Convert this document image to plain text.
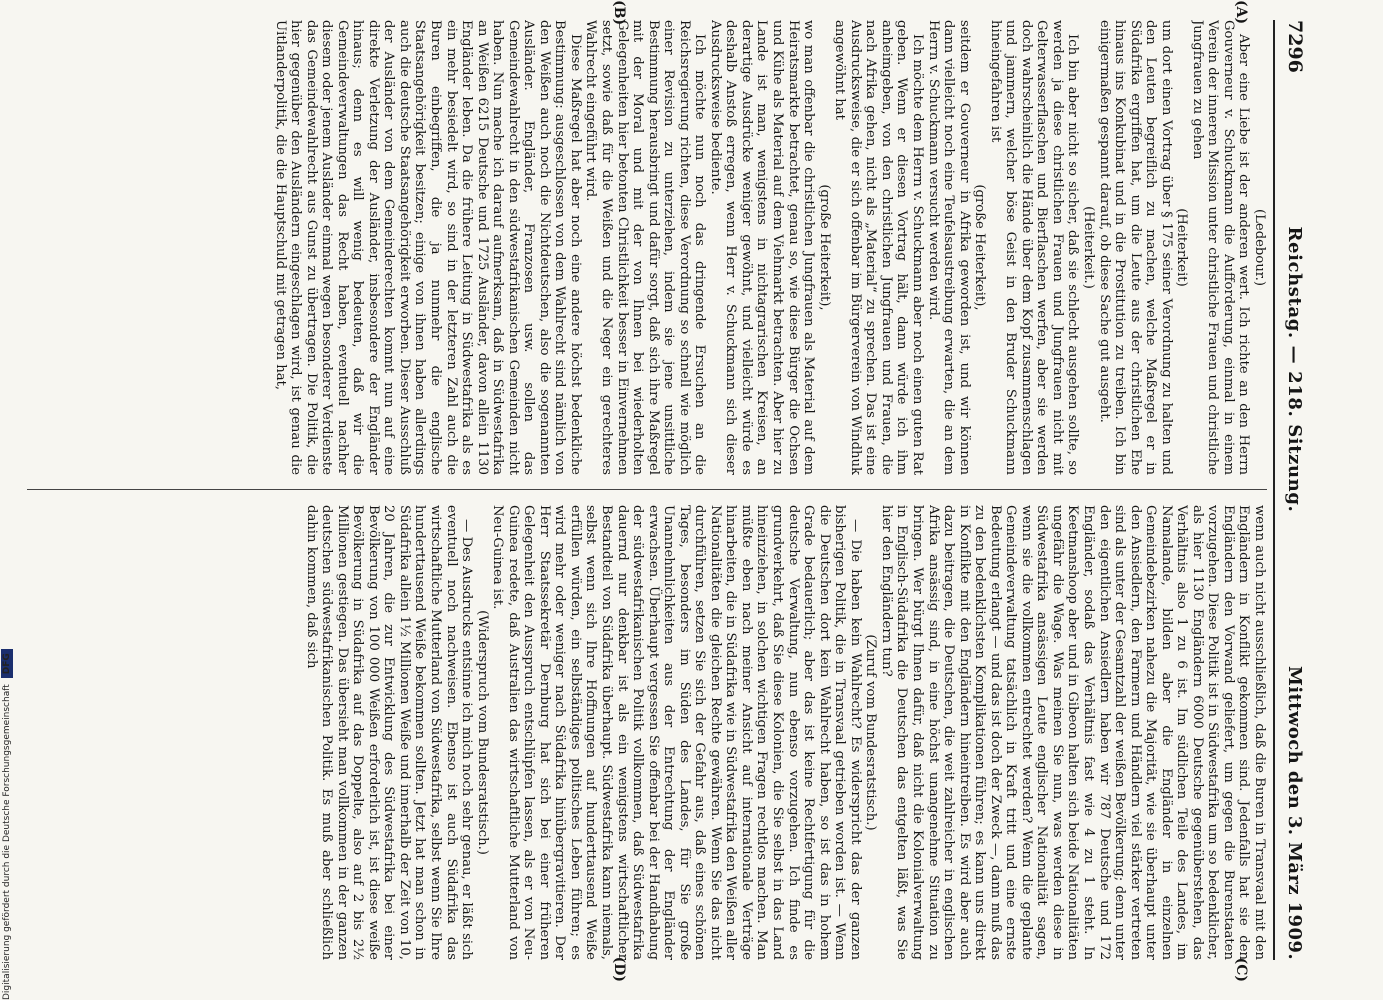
7296
Reichstag. — 218. Sitzung.
Mittwoch den 3. März 1909.
(A)
(B)

(Ledebour.)

Aber eine Liebe ist der anderen wert. Ich richte an den Herrn Gouverneur v. Schuckmann die Aufforderung, einmal in einem Verein der inneren Mission unter christliche Frauen und christliche Jungfrauen zu gehen

(Heiterkeit)

um dort einen Vortrag über § 175 seiner Verordnung zu halten und den Leuten begreiflich zu machen, welche Maßregel er in Südafrika ergriffen hat, um die Leute aus der christlichen Ehe hinaus ins Konkubinat und in die Prostitution zu treiben. Ich bin einigermaßen gespannt darauf, ob diese Sache gut ausgeht.

(Heiterkeit.)

Ich bin aber nicht so sicher, daß sie schlecht ausgehen sollte, so werden ja diese christlichen Frauen und Jungfrauen nicht mit Gelterwasserflaschen und Bierflaschen werfen, aber sie werden doch wahrscheinlich die Hände über dem Kopf zusammenschlagen und jammern, welcher böse Geist in den Bruder Schuckmann hineingefahren ist

(große Heiterkeit),

seitdem er Gouverneur in Afrika geworden ist, und wir können dann vielleicht noch eine Teufelsaustreibung erwarten, die an dem Herrn v. Schuckmann versucht werden wird.

Ich möchte dem Herrn v. Schuckmann aber noch einen guten Rat geben. Wenn er diesen Vortrag hält, dann würde ich ihm anheimgeben, von den christlichen Jungfrauen und Frauen, die nach Afrika gehen, nicht als „Material“ zu sprechen. Das ist eine Ausdrucksweise, die er sich offenbar im Bürgerverein von Windhuk angewöhnt hat

(große Heiterkeit),

wo man offenbar die christlichen Jungfrauen als Material auf dem Heiratsmarkte betrachtet, genau so, wie diese Bürger die Ochsen und Kühe als Material auf dem Viehmarkt betrachten. Aber hier zu Lande ist man, wenigstens in nichtagrarischen Kreisen, an derartige Ausdrücke weniger gewöhnt, und vielleicht würde es deshalb Anstoß erregen, wenn Herr v. Schuckmann sich dieser Ausdrucksweise bediente.

Ich möchte nun noch das dringende Ersuchen an die Reichsregierung richten, diese Verordnung so schnell wie möglich einer Revision zu unterziehen, indem sie jene unsittliche Bestimmung herausbringt und dafür sorgt, daß sich ihre Maßregel mit der Moral und mit der von Ihnen bei wiederholten Gelegenheiten hier betonten Christlichkeit besser in Einvernehmen setzt, sowie daß für die Weißen und die Neger ein gerechteres Wahlrecht eingeführt wird.

Diese Maßregel hat aber noch eine andere höchst bedenkliche Bestimmung: ausgeschlossen von dem Wahlrecht sind nämlich von den Weißen auch noch die Nichtdeutschen, also die sogenannten Ausländer. Engländer, Franzosen usw. sollen das Gemeindewahlrecht in den südwestafrikanischen Gemeinden nicht haben. Nun mache ich darauf aufmerksam, daß in Südwestafrika an Weißen 6215 Deutsche und 1725 Ausländer, davon allein 1130 Engländer leben. Da die frühere Leitung in Südwestafrika als es ein mehr besiedelt wird, so sind in der letzteren Zahl auch die Buren einbegriffen, die ja nunmehr die englische Staatsangehörigkeit besitzen; einige von ihnen haben allerdings auch die deutsche Staatsangehörigkeit erworben. Dieser Ausschluß der Ausländer von dem Gemeinderechten kommt nun auf eine direkte Verletzung der Ausländer, insbesondere der Engländer hinaus; denn es will wenig bedeuten, daß wir die Gemeindeverwaltungen das Recht haben, eventuell nachher diesem oder jenem Ausländer einmal wegen besonderer Verdienste das Gemeindewahlrecht aus Gunst zu übertragen. Die Politik, die hier gegenüber den Ausländern eingeschlagen wird, ist genau die Uitlanderpolitik, die die Hauptschuld mit getragen hat,

wenn auch nicht ausschließlich, daß die Buren in Transvaal mit den Engländern in Konflikt gekommen sind. Jedenfalls hat sie den Engländern den Vorwand geliefert, um gegen die Burenstaaten vorzugehen. Diese Politik ist in Südwestafrika um so bedenklicher, als hier 1130 Engländern 6000 Deutsche gegenüberstehen, das Verhältnis also 1 zu 6 ist. Im südlichen Teile des Landes, im Namalande, bilden aber die Engländer in einzelnen Gemeindebezirken nahezu die Majorität, wie sie überhaupt unter den Ansiedlern, den Farmern und Händlern viel stärker vertreten sind als unter der Gesamtzahl der weißen Bevölkerung; denn unter den eigentlichen Ansiedlern haben wir 787 Deutsche und 172 Engländer, sodaß das Verhältnis fast wie 4 zu 1 steht. In Keetmanshoop aber und in Gibeon halten sich beide Nationalitäten ungefähr die Wage. Was meinen Sie nun, was werden diese in Südwestafrika ansässigen Leute englischer Nationalität sagen, wenn sie die vollkommen entrechtet werden? Wenn die geplante Gemeindeverwaltung tatsächlich in Kraft tritt und eine ernste Bedeutung erlangt — und das ist doch der Zweck —, dann muß das zu den bedenklichsten Komplikationen führen; es kann uns direkt in Konflikte mit den Engländern hineintreiben. Es wird aber auch dazu beitragen, die Deutschen, die weit zahlreicher in englischen Afrika ansässig sind, in eine höchst unangenehme Situation zu bringen. Wer bürgt Ihnen dafür, daß nicht die Kolonialverwaltung in Englisch-Südafrika die Deutschen das entgelten läßt, was Sie hier den Engländern tun?

(Zuruf vom Bundesratstisch.)

— Die haben kein Wahlrecht? Es widerspricht das der ganzen bisherigen Politik, die in Transvaal getrieben worden ist. — Wenn die Deutschen dort kein Wahlrecht haben, so ist das in hohem Grade bedauerlich; aber das ist keine Rechtfertigung für die deutsche Verwaltung, nun ebenso vorzugehen. Ich finde es grundverkehrt, daß Sie diese Kolonien, die Sie selbst in das Land hineinziehen, in solchen wichtigen Fragen rechtlos machen. Man müßte eben nach meiner Ansicht auf internationale Verträge hinarbeiten, die in Südafrika wie in Südwestafrika den Weißen aller Nationalitäten die gleichen Rechte gewähren. Wenn Sie das nicht durchführen, setzen Sie sich der Gefahr aus, daß eines schönen Tages, besonders im Süden des Landes, für Sie große Unannehmlichkeiten aus der Entrechtung der Engländer erwachsen. Überhaupt vergessen Sie offenbar bei der Handhabung der südwestafrikanischen Politik vollkommen, daß Südwestafrika dauernd nur denkbar ist als ein wenigstens wirtschaftlicher Bestandteil von Südafrika überhaupt. Südwestafrika kann niemals, selbst wenn sich Ihre Hoffnungen auf hunderttausend Weiße erfüllen würden, ein selbständiges politisches Leben führen; es wird mehr oder weniger nach Südafrika hinübergravitieren. Der Herr Staatssekretär Dernburg hat sich bei einer früheren Gelegenheit den Ausspruch entschlüpfen lassen, als er von Neu-Guinea redete, daß Australien das wirtschaftliche Mutterland von Neu-Guinea ist.

(Widerspruch vom Bundesratstisch.)

— Des Ausdrucks entsinne ich mich noch sehr genau, er läßt sich eventuell noch nachweisen. Ebenso ist auch Südafrika das wirtschaftliche Mutterland von Südwestafrika, selbst wenn Sie Ihre hunderttausend Weiße bekommen sollten. Jetzt hat man schon in Südafrika allein 1½ Millionen Weiße und innerhalb der Zeit von 10, 20 Jahren, die zur Entwicklung des Südwestafrika bei einer Bevölkerung von 100 000 Weißen erforderlich ist, ist diese weiße Bevölkerung in Südafrika auf das Doppelte, also auf 2 bis 2½ Millionen gestiegen. Das übersieht man vollkommen in der ganzen deutschen südwestafrikanischen Politik. Es muß aber schließlich dahin kommen, daß sich

(C)
(D)
Digitalisierung gefördert durch die Deutsche Forschungsgemeinschaft
DFG
